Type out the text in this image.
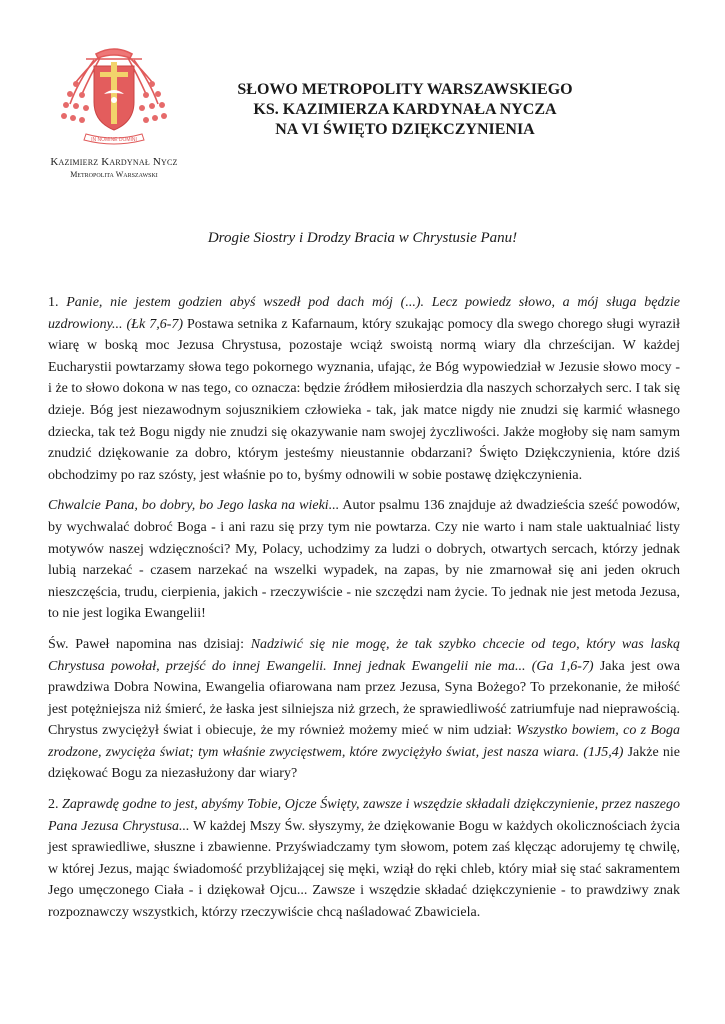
IN NOMINE DOMINI
Kazimierz Kardynał Nycz
Metropolita Warszawski
SŁOWO METROPOLITY WARSZAWSKIEGO
KS. KAZIMIERZA KARDYNAŁA NYCZA
NA VI ŚWIĘTO DZIĘKCZYNIENIA
Drogie Siostry i Drodzy Bracia w Chrystusie Panu!

1. Panie, nie jestem godzien abyś wszedł pod dach mój (...). Lecz powiedz słowo, a mój sługa będzie uzdrowiony... (Łk 7,6-7) Postawa setnika z Kafarnaum, który szukając pomocy dla swego chorego sługi wyraził wiarę w boską moc Jezusa Chrystusa, pozostaje wciąż swoistą normą wiary dla chrześcijan. W każdej Eucharystii powtarzamy słowa tego pokornego wyznania, ufając, że Bóg wypowiedział w Jezusie słowo mocy - i że to słowo dokona w nas tego, co oznacza: będzie źródłem miłosierdzia dla naszych schorzałych serc. I tak się dzieje. Bóg jest niezawodnym sojusznikiem człowieka - tak, jak matce nigdy nie znudzi się karmić własnego dziecka, tak też Bogu nigdy nie znudzi się okazywanie nam swojej życzliwości. Jakże mogłoby się nam samym znudzić dziękowanie za dobro, którym jesteśmy nieustannie obdarzani? Święto Dziękczynienia, które dziś obchodzimy po raz szósty, jest właśnie po to, byśmy odnowili w sobie postawę dziękczynienia.

Chwalcie Pana, bo dobry, bo Jego laska na wieki... Autor psalmu 136 znajduje aż dwadzieścia sześć powodów, by wychwalać dobroć Boga - i ani razu się przy tym nie powtarza. Czy nie warto i nam stale uaktualniać listy motywów naszej wdzięczności? My, Polacy, uchodzimy za ludzi o dobrych, otwartych sercach, którzy jednak lubią narzekać - czasem narzekać na wszelki wypadek, na zapas, by nie zmarnował się ani jeden okruch nieszczęścia, trudu, cierpienia, jakich - rzeczywiście - nie szczędzi nam życie. To jednak nie jest metoda Jezusa, to nie jest logika Ewangelii!

Św. Paweł napomina nas dzisiaj: Nadziwić się nie mogę, że tak szybko chcecie od tego, który was laską Chrystusa powołał, przejść do innej Ewangelii. Innej jednak Ewangelii nie ma... (Ga 1,6-7) Jaka jest owa prawdziwa Dobra Nowina, Ewangelia ofiarowana nam przez Jezusa, Syna Bożego? To przekonanie, że miłość jest potężniejsza niż śmierć, że łaska jest silniejsza niż grzech, że sprawiedliwość zatriumfuje nad nieprawością. Chrystus zwyciężył świat i obiecuje, że my również możemy mieć w nim udział: Wszystko bowiem, co z Boga zrodzone, zwycięża świat; tym właśnie zwycięstwem, które zwyciężyło świat, jest nasza wiara. (1J5,4) Jakże nie dziękować Bogu za niezasłużony dar wiary?

2. Zaprawdę godne to jest, abyśmy Tobie, Ojcze Święty, zawsze i wszędzie składali dziękczynienie, przez naszego Pana Jezusa Chrystusa... W każdej Mszy Św. słyszymy, że dziękowanie Bogu w każdych okolicznościach życia jest sprawiedliwe, słuszne i zbawienne. Przyświadczamy tym słowom, potem zaś klęcząc adorujemy tę chwilę, w której Jezus, mając świadomość przybliżającej się męki, wziął do ręki chleb, który miał się stać sakramentem Jego umęczonego Ciała - i dziękował Ojcu... Zawsze i wszędzie składać dziękczynienie - to prawdziwy znak rozpoznawczy wszystkich, którzy rzeczywiście chcą naśladować Zbawiciela.
